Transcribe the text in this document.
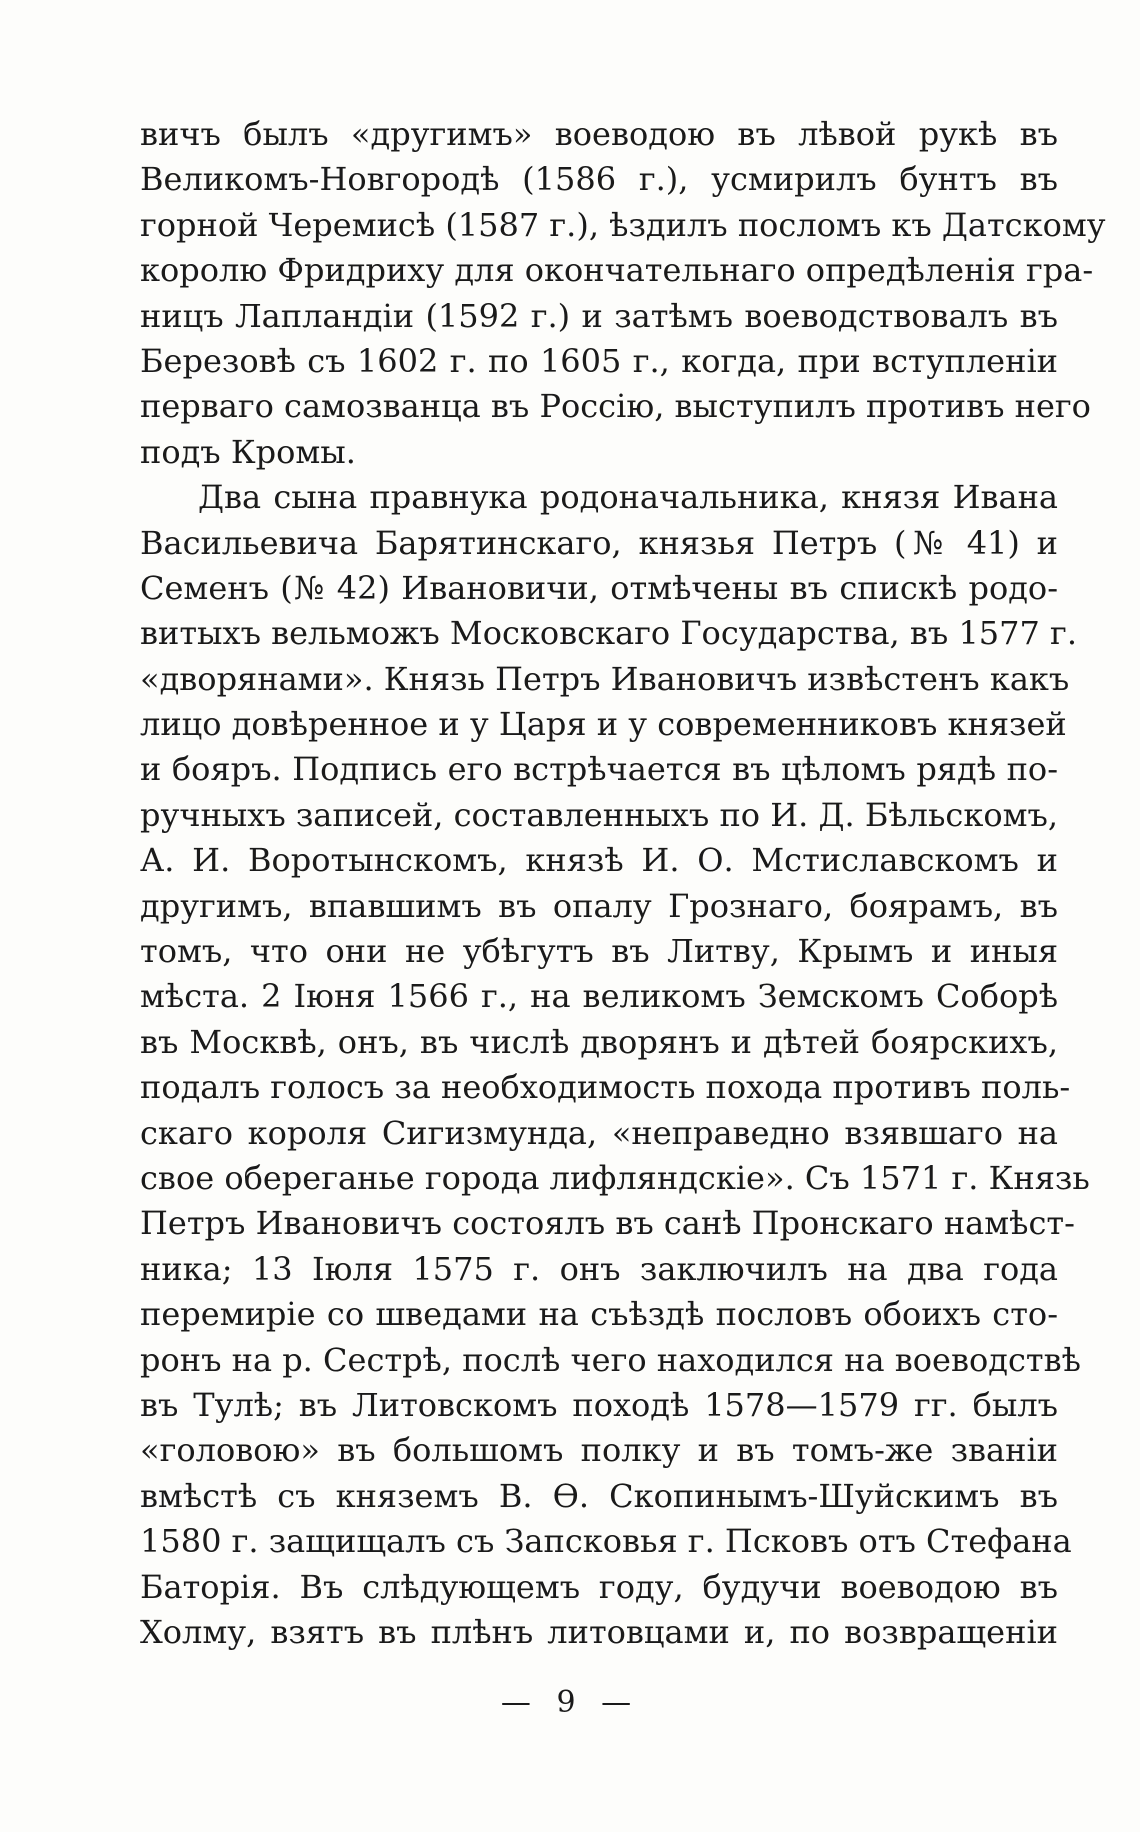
вичъ былъ «другимъ» воеводою въ лѣвой рукѣ въ
Великомъ-Новгородѣ (1586 г.), усмирилъ бунтъ въ
горной Черемисѣ (1587 г.), ѣздилъ посломъ къ Датскому
королю Фридриху для окончательнаго опредѣленія гра-
ницъ Лапландіи (1592 г.) и затѣмъ воеводствовалъ въ
Березовѣ съ 1602 г. по 1605 г., когда, при вступленіи
перваго самозванца въ Россію, выступилъ противъ него
подъ Кромы.
Два сына правнука родоначальника, князя Ивана
Васильевича Барятинскаго, князья Петръ (№ 41) и
Семенъ (№ 42) Ивановичи, отмѣчены въ спискѣ родо-
витыхъ вельможъ Московскаго Государства, въ 1577 г.
«дворянами». Князь Петръ Ивановичъ извѣстенъ какъ
лицо довѣренное и у Царя и у современниковъ князей
и бояръ. Подпись его встрѣчается въ цѣломъ рядѣ по-
ручныхъ записей, составленныхъ по И. Д. Бѣльскомъ,
А. И. Воротынскомъ, князѣ И. О. Мстиславскомъ и
другимъ, впавшимъ въ опалу Грознаго, боярамъ, въ
томъ, что они не убѣгутъ въ Литву, Крымъ и иныя
мѣста. 2 Іюня 1566 г., на великомъ Земскомъ Соборѣ
въ Москвѣ, онъ, въ числѣ дворянъ и дѣтей боярскихъ,
подалъ голосъ за необходимость похода противъ поль-
скаго короля Сигизмунда, «неправедно взявшаго на
свое обереганье города лифляндскіе». Съ 1571 г. Князь
Петръ Ивановичъ состоялъ въ санѣ Пронскаго намѣст-
ника; 13 Іюля 1575 г. онъ заключилъ на два года
перемиріе со шведами на съѣздѣ пословъ обоихъ сто-
ронъ на р. Сестрѣ, послѣ чего находился на воеводствѣ
въ Тулѣ; въ Литовскомъ походѣ 1578—1579 гг. былъ
«головою» въ большомъ полку и въ томъ-же званіи
вмѣстѣ съ княземъ В. Ѳ. Скопинымъ-Шуйскимъ въ
1580 г. защищалъ съ Запсковья г. Псковъ отъ Стефана
Баторія. Въ слѣдующемъ году, будучи воеводою въ
Холму, взятъ въ плѣнъ литовцами и, по возвращеніи
— 9 —
